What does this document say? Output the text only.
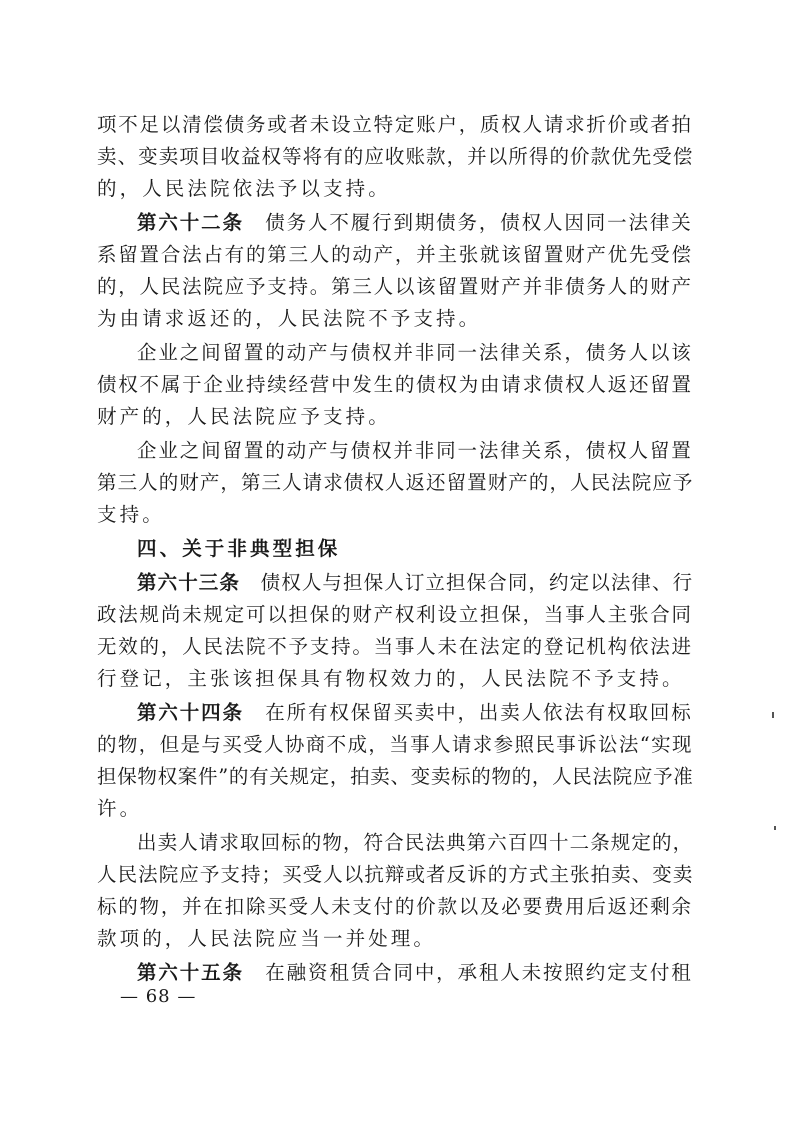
项不足以清偿债务或者未设立特定账户，质权人请求折价或者拍
卖、变卖项目收益权等将有的应收账款，并以所得的价款优先受偿
的，人民法院依法予以支持。
第六十二条　债务人不履行到期债务，债权人因同一法律关
系留置合法占有的第三人的动产，并主张就该留置财产优先受偿
的，人民法院应予支持。第三人以该留置财产并非债务人的财产
为由请求返还的，人民法院不予支持。
企业之间留置的动产与债权并非同一法律关系，债务人以该
债权不属于企业持续经营中发生的债权为由请求债权人返还留置
财产的，人民法院应予支持。
企业之间留置的动产与债权并非同一法律关系，债权人留置
第三人的财产，第三人请求债权人返还留置财产的，人民法院应予
支持。
四、关于非典型担保
第六十三条　债权人与担保人订立担保合同，约定以法律、行
政法规尚未规定可以担保的财产权利设立担保，当事人主张合同
无效的，人民法院不予支持。当事人未在法定的登记机构依法进
行登记，主张该担保具有物权效力的，人民法院不予支持。
第六十四条　在所有权保留买卖中，出卖人依法有权取回标
的物，但是与买受人协商不成，当事人请求参照民事诉讼法“实现
担保物权案件”的有关规定，拍卖、变卖标的物的，人民法院应予准
许。
出卖人请求取回标的物，符合民法典第六百四十二条规定的，
人民法院应予支持；买受人以抗辩或者反诉的方式主张拍卖、变卖
标的物，并在扣除买受人未支付的价款以及必要费用后返还剩余
款项的，人民法院应当一并处理。
第六十五条　在融资租赁合同中，承租人未按照约定支付租
— 68 —
